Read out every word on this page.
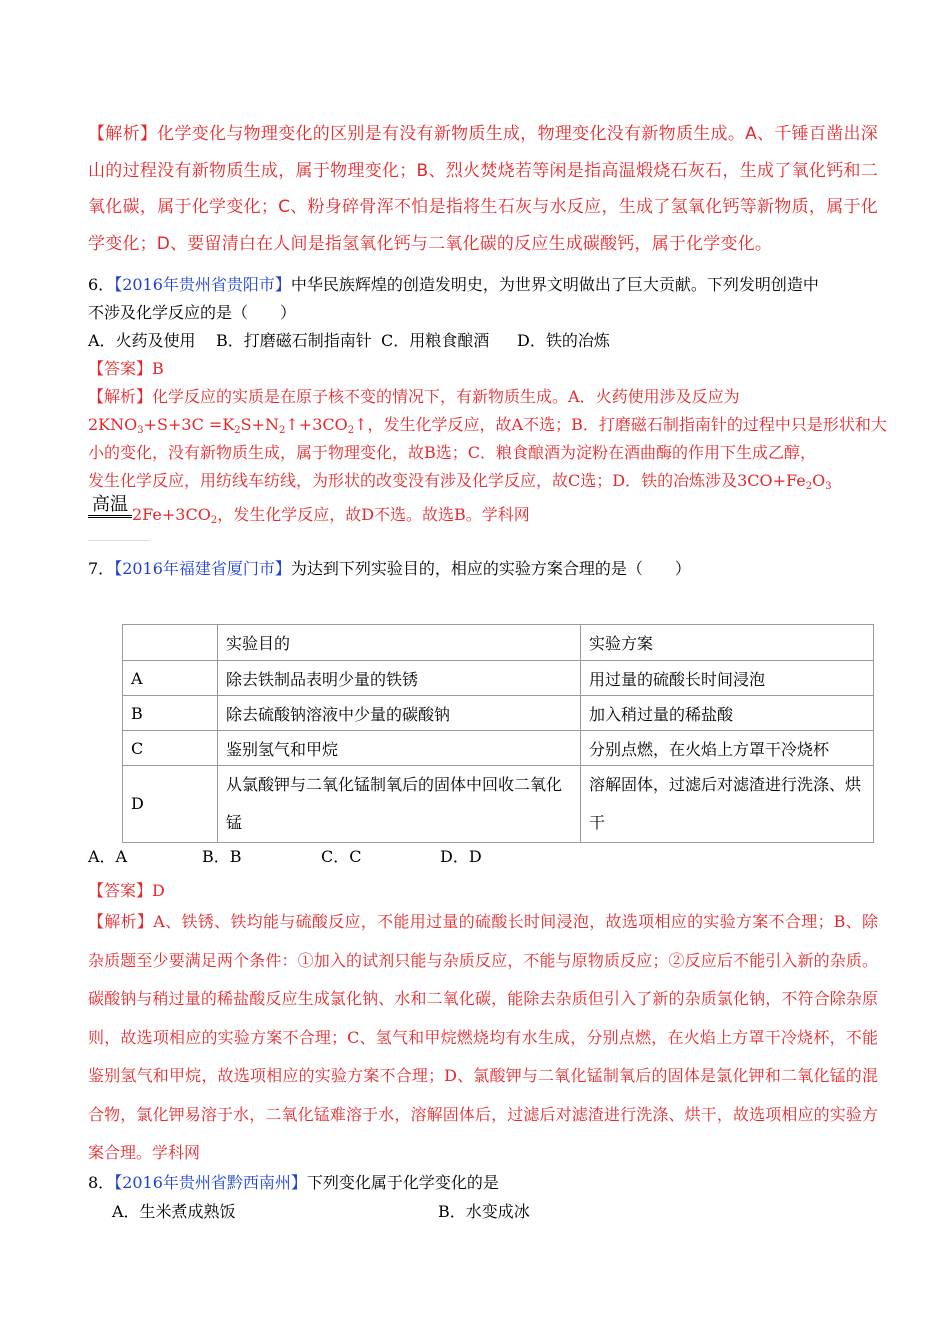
【解析】化学变化与物理变化的区别是有没有新物质生成，物理变化没有新物质生成。A、千锤百凿出深山的过程没有新物质生成，属于物理变化；B、烈火焚烧若等闲是指高温煅烧石灰石，生成了氧化钙和二氧化碳，属于化学变化；C、粉身碎骨浑不怕是指将生石灰与水反应，生成了氢氧化钙等新物质，属于化学变化；D、要留清白在人间是指氢氧化钙与二氧化碳的反应生成碳酸钙，属于化学变化。
6．【2016年贵州省贵阳市】中华民族辉煌的创造发明史，为世界文明做出了巨大贡献。下列发明创造中
不涉及化学反应的是（　　）
A．火药及使用 B．打磨磁石制指南针 C．用粮食酿酒 D．铁的冶炼
【答案】B
【解析】化学反应的实质是在原子核不变的情况下，有新物质生成。A．火药使用涉及反应为
$2KNO_3+S+3C$ $=K_2S+N_2↑+3CO_2↑$，发生化学反应，故A不选；B．打磨磁石制指南针的过程中只是形状和大
小的变化，没有新物质生成，属于物理变化，故B选；C．粮食酿酒为淀粉在酒曲酶的作用下生成乙醇，
发生化学反应，用纺线车纺线，为形状的改变没有涉及化学反应，故C选；D．铁的冶炼涉及$3CO+Fe_2O_3$
高温 $2Fe+3CO_2$，发生化学反应，故D不选。故选B。学科网
7．【2016年福建省厦门市】为达到下列实验目的，相应的实验方案合理的是（　　）
	实验目的	实验方案
A	除去铁制品表明少量的铁锈	用过量的硫酸长时间浸泡
B	除去硫酸钠溶液中少量的碳酸钠	加入稍过量的稀盐酸
C	鉴别氢气和甲烷	分别点燃，在火焰上方罩干冷烧杯
D	从氯酸钾与二氧化锰制氧后的固体中回收二氧化锰	溶解固体，过滤后对滤渣进行洗涤、烘干
A．A	B．B	C．C	D．D
【答案】D
【解析】A、铁锈、铁均能与硫酸反应，不能用过量的硫酸长时间浸泡，故选项相应的实验方案不合理；B、除杂质题至少要满足两个条件：①加入的试剂只能与杂质反应，不能与原物质反应；②反应后不能引入新的杂质。碳酸钠与稍过量的稀盐酸反应生成氯化钠、水和二氧化碳，能除去杂质但引入了新的杂质氯化钠，不符合除杂原则，故选项相应的实验方案不合理；C、氢气和甲烷燃烧均有水生成，分别点燃，在火焰上方罩干冷烧杯，不能鉴别氢气和甲烷，故选项相应的实验方案不合理；D、氯酸钾与二氧化锰制氧后的固体是氯化钾和二氧化锰的混合物，氯化钾易溶于水，二氧化锰难溶于水，溶解固体后，过滤后对滤渣进行洗涤、烘干，故选项相应的实验方案合理。学科网
8．【2016年贵州省黔西南州】下列变化属于化学变化的是
A．生米煮成熟饭	B．水变成冰
